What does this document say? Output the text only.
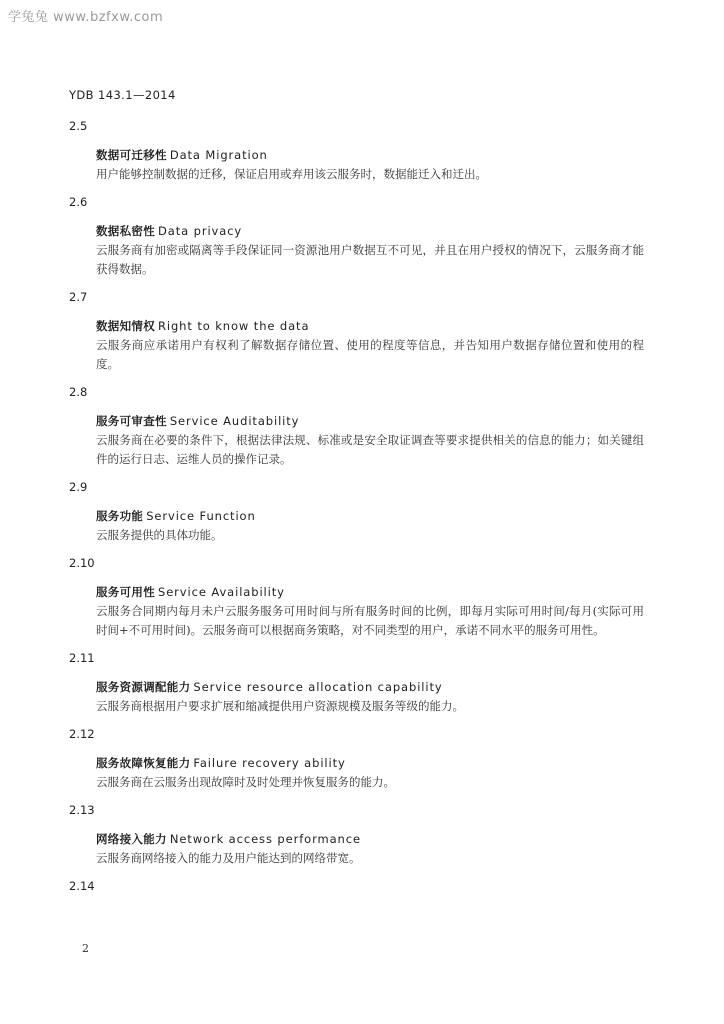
学兔兔 www.bzfxw.com
YDB 143.1—2014
2.5
数据可迁移性 Data Migration
用户能够控制数据的迁移，保证启用或弃用该云服务时，数据能迁入和迁出。
2.6
数据私密性 Data privacy
云服务商有加密或隔离等手段保证同一资源池用户数据互不可见，并且在用户授权的情况下，云服务商才能获得数据。
2.7
数据知情权 Right to know the data
云服务商应承诺用户有权利了解数据存储位置、使用的程度等信息，并告知用户数据存储位置和使用的程度。
2.8
服务可审查性 Service Auditability
云服务商在必要的条件下，根据法律法规、标准或是安全取证调查等要求提供相关的信息的能力；如关键组件的运行日志、运维人员的操作记录。
2.9
服务功能 Service Function
云服务提供的具体功能。
2.10
服务可用性 Service Availability
云服务合同期内每月未户云服务服务可用时间与所有服务时间的比例，即每月实际可用时间/每月(实际可用时间+不可用时间)。云服务商可以根据商务策略，对不同类型的用户，承诺不同水平的服务可用性。
2.11
服务资源调配能力 Service resource allocation capability
云服务商根据用户要求扩展和缩减提供用户资源规模及服务等级的能力。
2.12
服务故障恢复能力 Failure recovery ability
云服务商在云服务出现故障时及时处理并恢复服务的能力。
2.13
网络接入能力 Network access performance
云服务商网络接入的能力及用户能达到的网络带宽。
2.14
2
